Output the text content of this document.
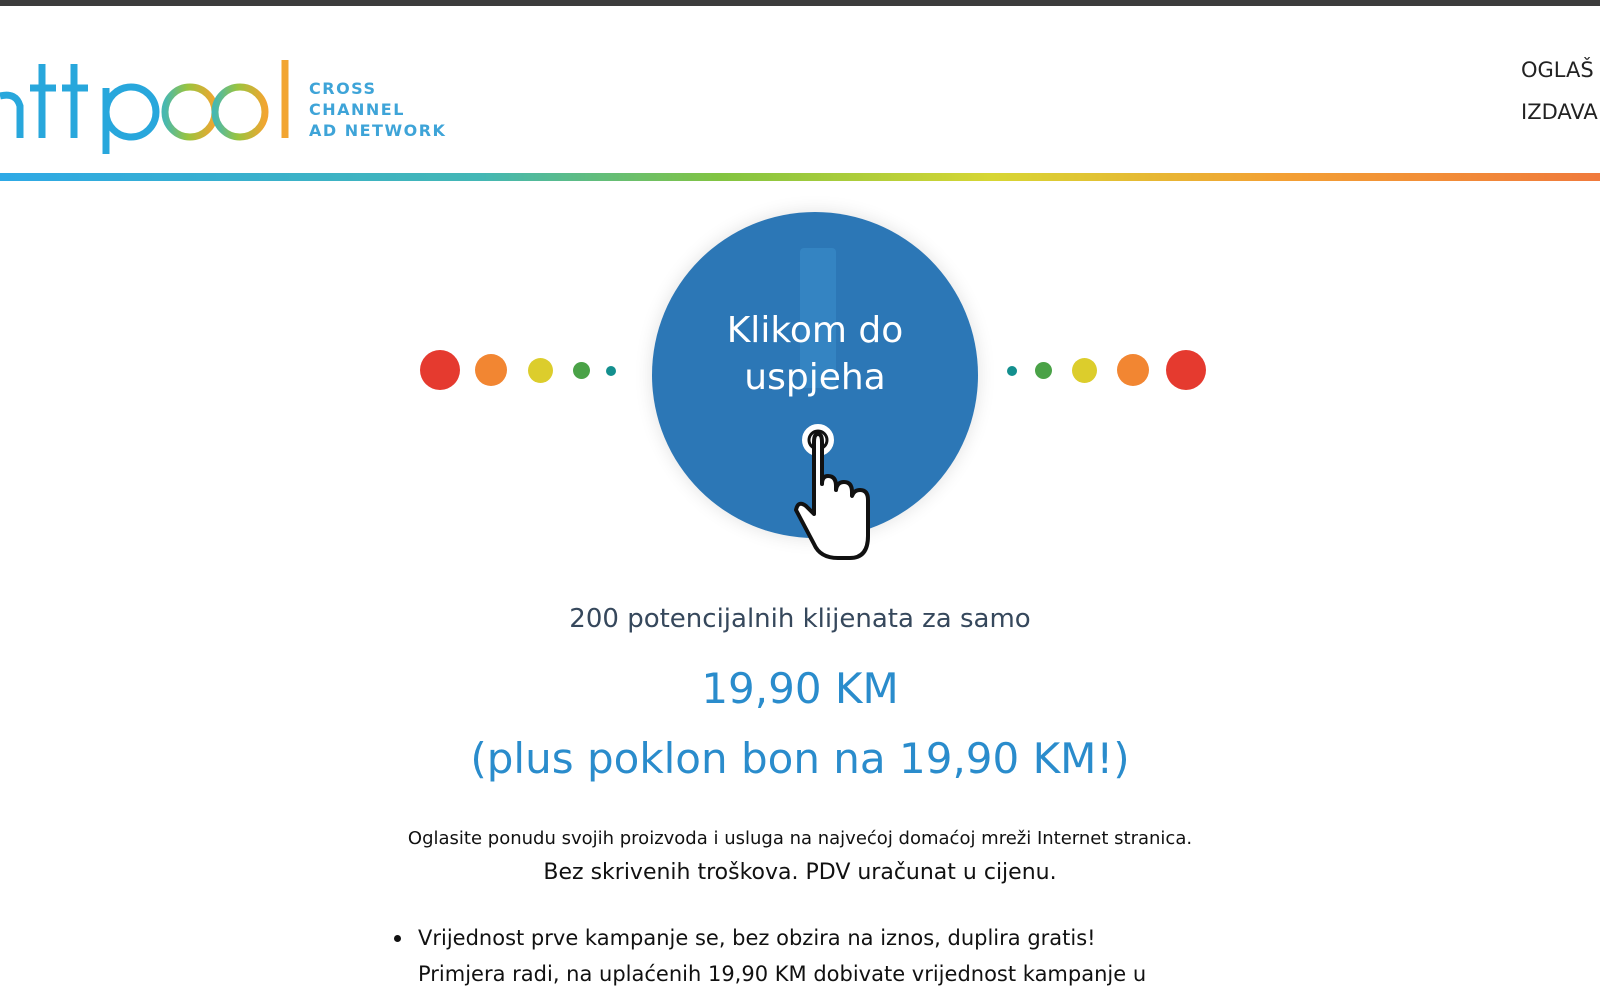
CROSS
CHANNEL
AD NETWORK
OGLAŠ
IZDAVA
Klikom do
uspjeha
200 potencijalnih klijenata za samo
19,90 KM
(plus poklon bon na 19,90 KM!)
Oglasite ponudu svojih proizvoda i usluga na najvećoj domaćoj mreži Internet stranica.
Bez skrivenih troškova. PDV uračunat u cijenu.
Vrijednost prve kampanje se, bez obzira na iznos, duplira gratis!
Primjera radi, na uplaćenih 19,90 KM dobivate vrijednost kampanje u
